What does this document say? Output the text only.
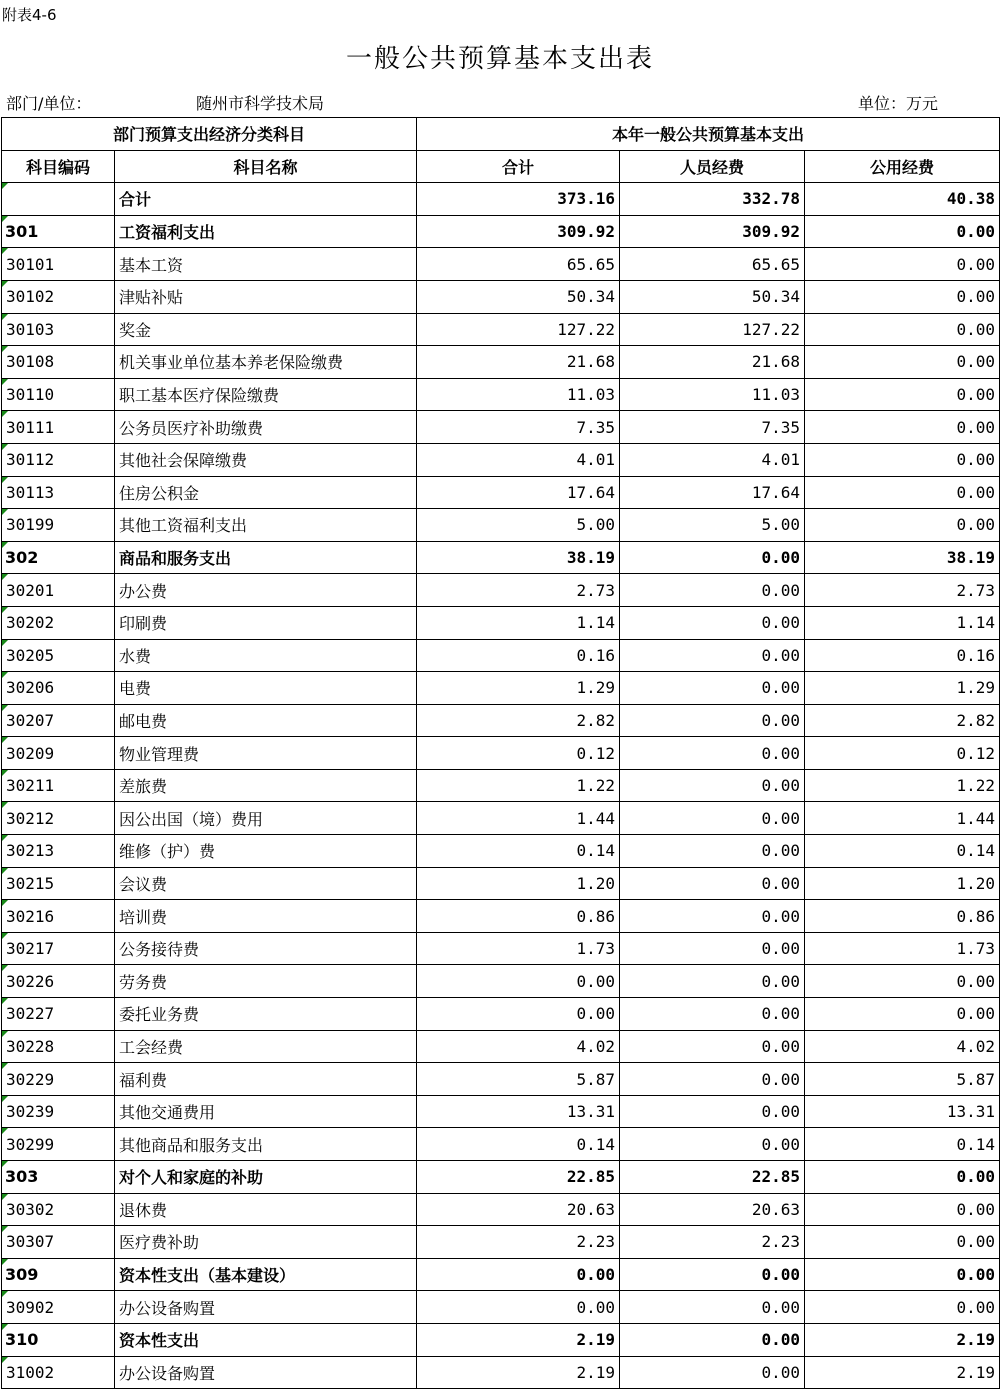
附表4-6
一般公共预算基本支出表
部门/单位：	随州市科学技术局	单位：万元
部门预算支出经济分类科目		本年一般公共预算基本支出		
科目编码	科目名称	合计	人员经费	公用经费
	合计	373.16	332.78	40.38
301	工资福利支出	309.92	309.92	0.00
30101	基本工资	65.65	65.65	0.00
30102	津贴补贴	50.34	50.34	0.00
30103	奖金	127.22	127.22	0.00
30108	机关事业单位基本养老保险缴费	21.68	21.68	0.00
30110	职工基本医疗保险缴费	11.03	11.03	0.00
30111	公务员医疗补助缴费	7.35	7.35	0.00
30112	其他社会保障缴费	4.01	4.01	0.00
30113	住房公积金	17.64	17.64	0.00
30199	其他工资福利支出	5.00	5.00	0.00
302	商品和服务支出	38.19	0.00	38.19
30201	办公费	2.73	0.00	2.73
30202	印刷费	1.14	0.00	1.14
30205	水费	0.16	0.00	0.16
30206	电费	1.29	0.00	1.29
30207	邮电费	2.82	0.00	2.82
30209	物业管理费	0.12	0.00	0.12
30211	差旅费	1.22	0.00	1.22
30212	因公出国（境）费用	1.44	0.00	1.44
30213	维修（护）费	0.14	0.00	0.14
30215	会议费	1.20	0.00	1.20
30216	培训费	0.86	0.00	0.86
30217	公务接待费	1.73	0.00	1.73
30226	劳务费	0.00	0.00	0.00
30227	委托业务费	0.00	0.00	0.00
30228	工会经费	4.02	0.00	4.02
30229	福利费	5.87	0.00	5.87
30239	其他交通费用	13.31	0.00	13.31
30299	其他商品和服务支出	0.14	0.00	0.14
303	对个人和家庭的补助	22.85	22.85	0.00
30302	退休费	20.63	20.63	0.00
30307	医疗费补助	2.23	2.23	0.00
309	资本性支出（基本建设）	0.00	0.00	0.00
30902	办公设备购置	0.00	0.00	0.00
310	资本性支出	2.19	0.00	2.19
31002	办公设备购置	2.19	0.00	2.19
